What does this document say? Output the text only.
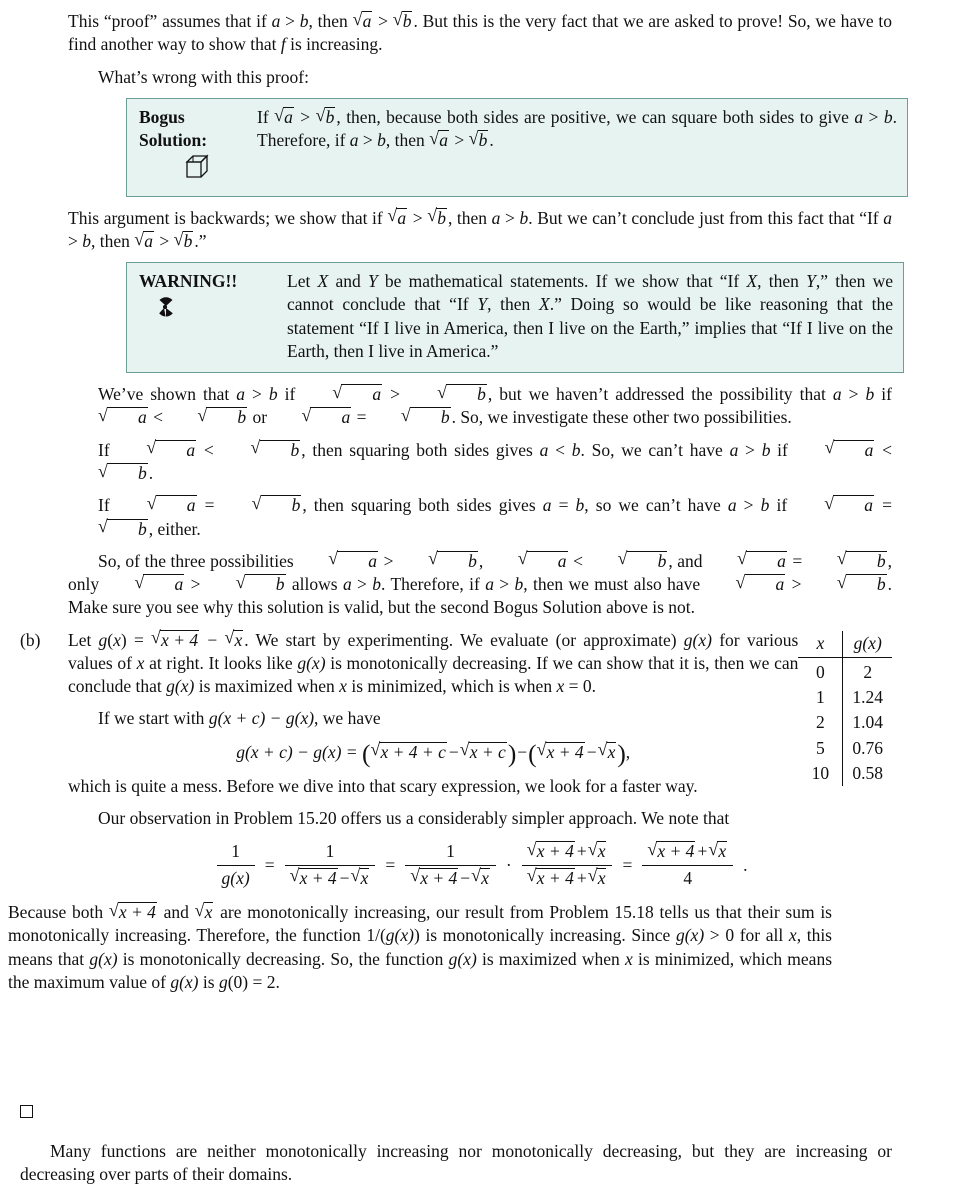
This “proof” assumes that if a > b, then √ a > √ b . But this is the very fact that we are asked to prove! So, we have to find another way to show that f is increasing.

What’s wrong with this proof:

Bogus Solution:
If √ a > √ b , then, because both sides are positive, we can square both sides to give a > b. Therefore, if a > b, then √ a > √ b .

This argument is backwards; we show that if √ a > √ b , then a > b. But we can’t conclude just from this fact that “If a > b, then √ a > √ b .”

WARNING!!	Let X and Y be mathematical statements. If we show that “If X, then Y,” then we cannot conclude that “If Y, then X.” Doing so would be like reasoning that the statement “If I live in America, then I live on the Earth,” implies that “If I live on the Earth, then I live in America.”

We’ve shown that a > b if	√ a >	√ b , but we haven’t addressed the possibility that a > b if
√ a <	√ b or	√ a =	√ b . So, we investigate these other two possibilities.

If	√ a <	√ b , then squaring both sides gives a < b. So, we can’t have a > b if	√ a <
√ b .

If	√ a =	√ b , then squaring both sides gives a = b, so we can’t have a > b if	√ a =
√ b , either.

So, of the three possibilities	√ a >	√ b ,	√ a <	√ b , and	√ a =	√ b , only	√ a >	√ b allows a > b. Therefore, if a > b, then we must also have	√ a >	√ b . Make sure you see why this solution is valid, but the second Bogus Solution above is not.

(b)	x	g(x)
0	2
1	1.24
2	1.04
5	0.76
10	0.58

Let g(x) = √ x + 4 − √ x . We start by experimenting. We evaluate (or approximate) g(x) for various values of x at right. It looks like g(x) is monotonically decreasing. If we can show that it is, then we can conclude that g(x) is maximized when x is minimized, which is when x = 0.

If we start with g(x + c) − g(x), we have

g(x + c) − g(x) = ( √ x + 4 + c − √ x + c)−( √ x + 4 − √ x),

which is quite a mess. Before we dive into that scary expression, we look for a faster way.

Our observation in Problem 15.20 offers us a considerably simpler approach. We note that

$\frac{1}{g(x)} = \frac{1}{√ x + 4 - √ x} = \frac{1}{√ x + 4 - √ x} \cdot \frac{√ x + 4 + √ x}{√ x + 4 + √ x} = \frac{√ x + 4 + √ x}{4}$ .

Because both √ x + 4 and √ x are monotonically increasing, our result from Problem 15.18 tells us that their sum is monotonically increasing. Therefore, the function 1/(g(x)) is monotonically increasing. Since g(x) > 0 for all x, this means that g(x) is monotonically decreasing. So, the function g(x) is maximized when x is minimized, which means the maximum value of g(x) is g(0) = 2.

Many functions are neither monotonically increasing nor monotonically decreasing, but they are increasing or decreasing over parts of their domains.
